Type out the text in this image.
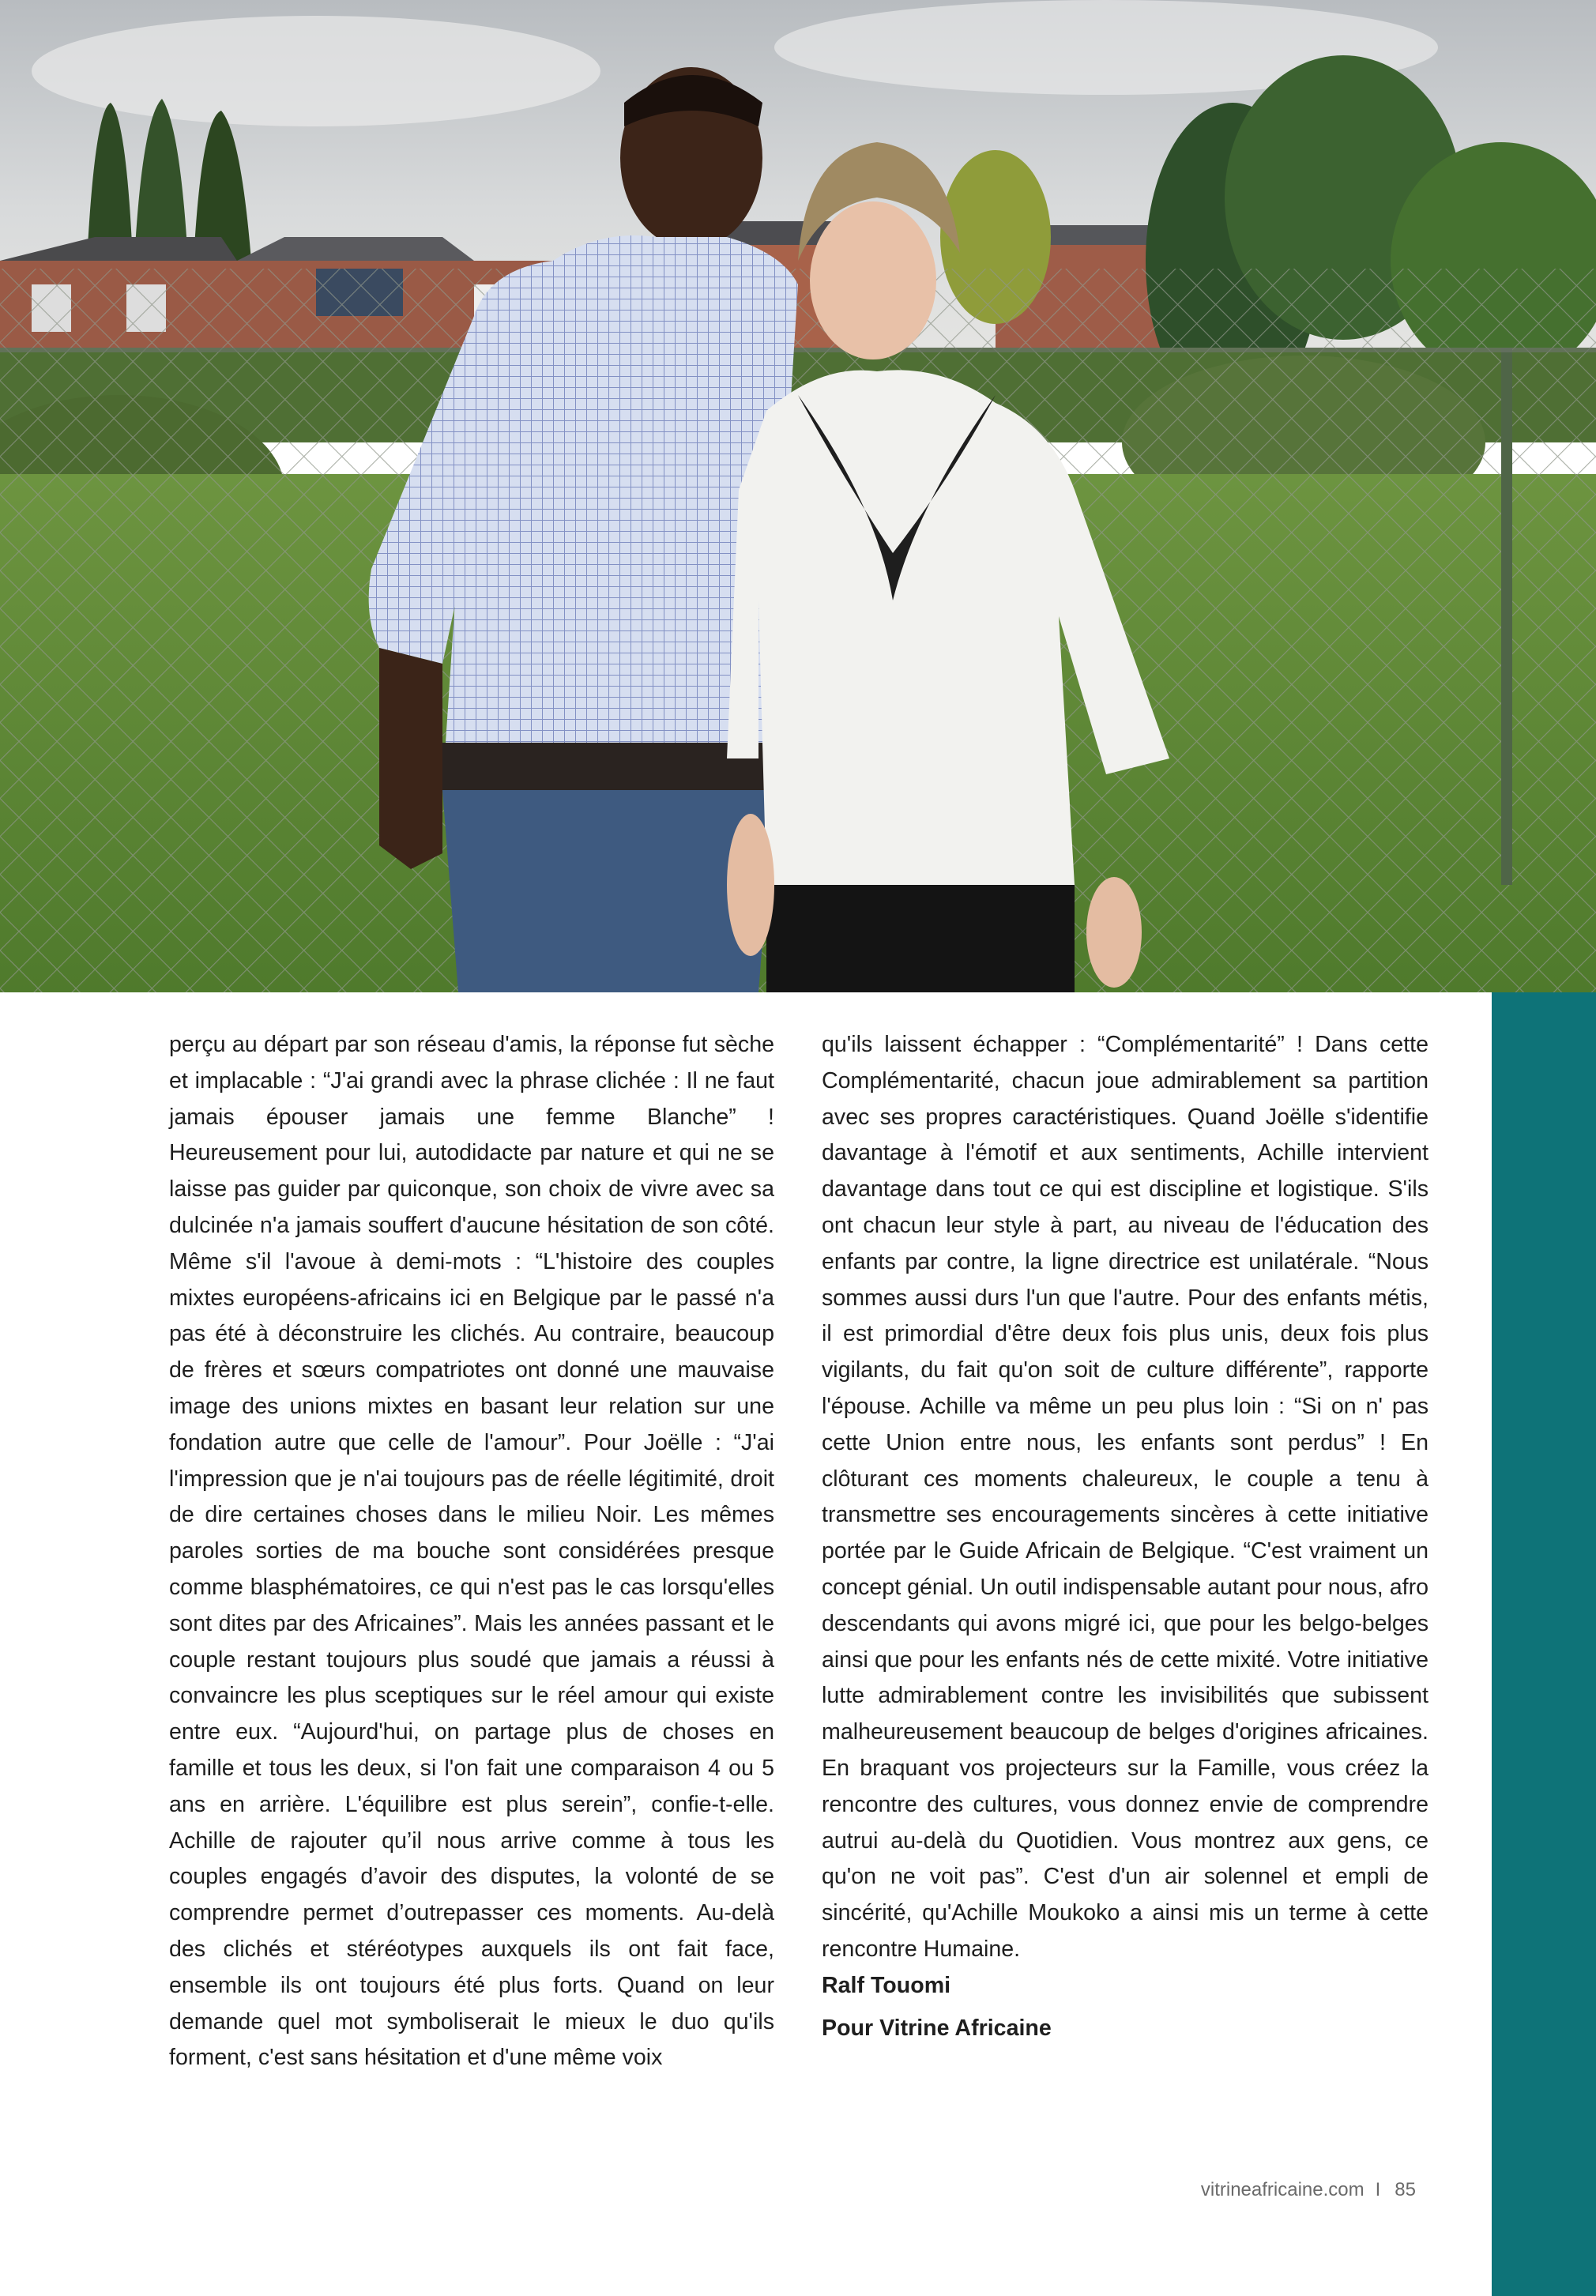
perçu au départ par son réseau d'amis, la réponse fut sèche et implacable : “J'ai grandi avec la phrase clichée : Il ne faut jamais épouser jamais une femme Blanche” ! Heureusement pour lui, autodidacte par nature et qui ne se laisse pas guider par quiconque, son choix de vivre avec sa dulcinée n'a jamais souffert d'aucune hésitation de son côté. Même s'il l'avoue à demi-mots : “L'histoire des couples mixtes européens-africains ici en Belgique par le passé n'a pas été à déconstruire les clichés. Au contraire, beaucoup de frères et sœurs compatriotes ont donné une mauvaise image des unions mixtes en basant leur relation sur une fondation autre que celle de l'amour”. Pour Joëlle : “J'ai l'impression que je n'ai toujours pas de réelle légitimité, droit de dire certaines choses dans le milieu Noir. Les mêmes paroles sorties de ma bouche sont considérées presque comme blasphématoires, ce qui n'est pas le cas lorsqu'elles sont dites par des Africaines”. Mais les années passant et le couple restant toujours plus soudé que jamais a réussi à convaincre les plus sceptiques sur le réel amour qui existe entre eux. “Aujourd'hui, on partage plus de choses en famille et tous les deux, si l'on fait une comparaison 4 ou 5 ans en arrière. L'équilibre est plus serein”, confie-t-elle. Achille de rajouter qu’il nous arrive comme à tous les couples engagés d’avoir des disputes, la volonté de se comprendre permet d’outrepasser ces moments. Au-delà des clichés et stéréotypes auxquels ils ont fait face, ensemble ils ont toujours été plus forts. Quand on leur demande quel mot symboliserait le mieux le duo qu'ils forment, c'est sans hésitation et d'une même voix

qu'ils laissent échapper : “Complémentarité” ! Dans cette Complémentarité, chacun joue admirablement sa partition avec ses propres caractéristiques. Quand Joëlle s'identifie davantage à l'émotif et aux sentiments, Achille intervient davantage dans tout ce qui est discipline et logistique. S'ils ont chacun leur style à part, au niveau de l'éducation des enfants par contre, la ligne directrice est unilatérale. “Nous sommes aussi durs l'un que l'autre. Pour des enfants métis, il est primordial d'être deux fois plus unis, deux fois plus vigilants, du fait qu'on soit de culture différente”, rapporte l'épouse. Achille va même un peu plus loin : “Si on n' pas cette Union entre nous, les enfants sont perdus” ! En clôturant ces moments chaleureux, le couple a tenu à transmettre ses encouragements sincères à cette initiative portée par le Guide Africain de Belgique. “C'est vraiment un concept génial. Un outil indispensable autant pour nous, afro descendants qui avons migré ici, que pour les belgo-belges ainsi que pour les enfants nés de cette mixité. Votre initiative lutte admirablement contre les invisibilités que subissent malheureusement beaucoup de belges d'origines africaines. En braquant vos projecteurs sur la Famille, vous créez la rencontre des cultures, vous donnez envie de comprendre autrui au-delà du Quotidien. Vous montrez aux gens, ce qu'on ne voit pas”. C'est d'un air solennel et empli de sincérité, qu'Achille Moukoko a ainsi mis un terme à cette rencontre Humaine.

Ralf Touomi

Pour Vitrine Africaine

vitrineafricaine.com I 85
